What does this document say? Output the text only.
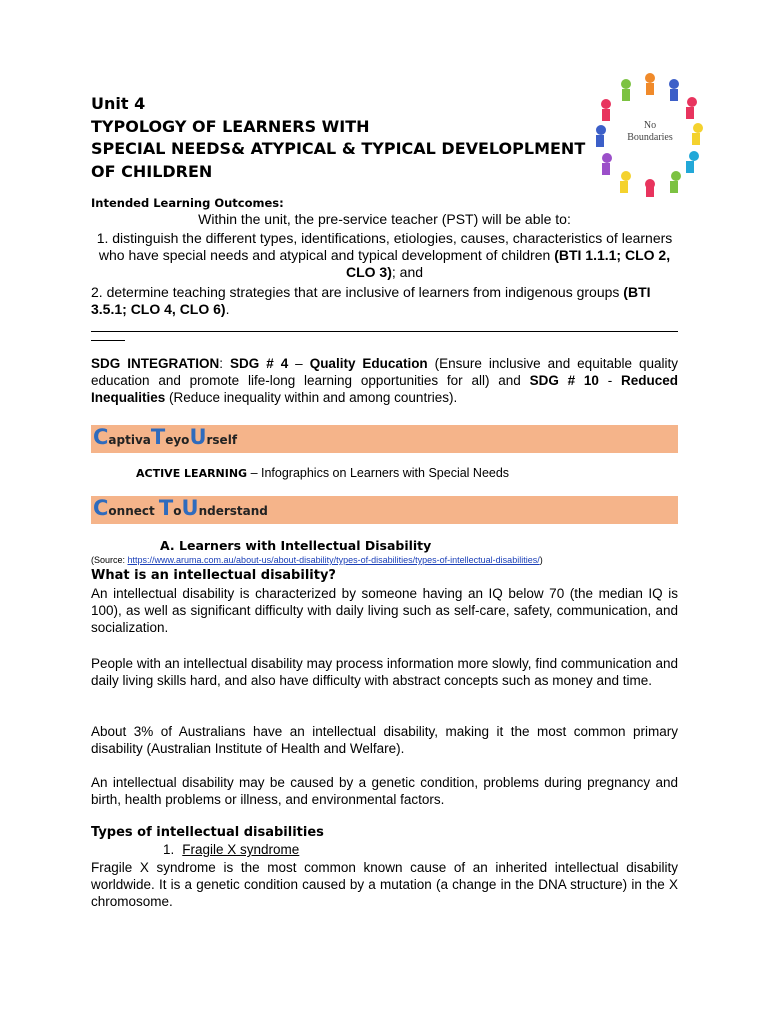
Unit 4
TYPOLOGY OF LEARNERS WITH
SPECIAL NEEDS& ATYPICAL & TYPICAL DEVELOPLMENT
OF CHILDREN
No
Boundaries
Intended Learning Outcomes:
Within the unit, the pre-service teacher (PST) will be able to:
1. distinguish the different types, identifications, etiologies, causes, characteristics of learners who have special needs and atypical and typical development of children (BTI 1.1.1; CLO 2, CLO 3); and
2. determine teaching strategies that are inclusive of learners from indigenous groups (BTI 3.5.1; CLO 4, CLO 6).
SDG INTEGRATION: SDG # 4 – Quality Education (Ensure inclusive and equitable quality education and promote life-long learning opportunities for all) and SDG # 10 - Reduced Inequalities (Reduce inequality within and among countries).
CaptivaTeyoUrself
ACTIVE LEARNING – Infographics on Learners with Special Needs
Connect ToUnderstand
A. Learners with Intellectual Disability
(Source: https://www.aruma.com.au/about-us/about-disability/types-of-disabilities/types-of-intellectual-disabilities/)
What is an intellectual disability?
An intellectual disability is characterized by someone having an IQ below 70 (the median IQ is 100), as well as significant difficulty with daily living such as self-care, safety, communication, and socialization.
People with an intellectual disability may process information more slowly, find communication and daily living skills hard, and also have difficulty with abstract concepts such as money and time.
About 3% of Australians have an intellectual disability, making it the most common primary disability (Australian Institute of Health and Welfare).
An intellectual disability may be caused by a genetic condition, problems during pregnancy and birth, health problems or illness, and environmental factors.
Types of intellectual disabilities
1. Fragile X syndrome
Fragile X syndrome is the most common known cause of an inherited intellectual disability worldwide. It is a genetic condition caused by a mutation (a change in the DNA structure) in the X chromosome.
